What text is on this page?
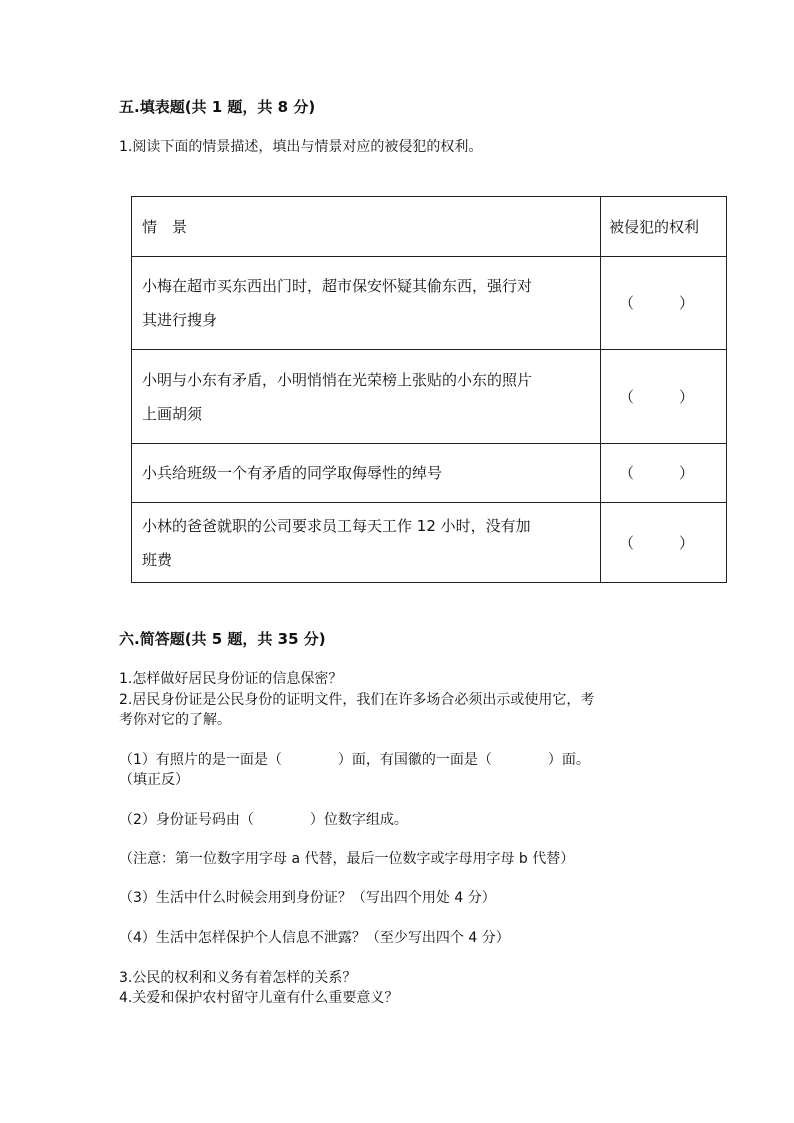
五.填表题(共 1 题，共 8 分)
1.阅读下面的情景描述，填出与情景对应的被侵犯的权利。
情　景	被侵犯的权利

小梅在超市买东西出门时，超市保安怀疑其偷东西，强行对
其进行搜身	（　　　）

小明与小东有矛盾，小明悄悄在光荣榜上张贴的小东的照片
上画胡须	（　　　）

小兵给班级一个有矛盾的同学取侮辱性的绰号	（　　　）

小林的爸爸就职的公司要求员工每天工作 12 小时，没有加
班费	（　　　）
六.简答题(共 5 题，共 35 分)
1.怎样做好居民身份证的信息保密？
2.居民身份证是公民身份的证明文件，我们在许多场合必须出示或使用它，考
考你对它的了解。
（1）有照片的是一面是（　　　　）面，有国徽的一面是（　　　　）面。
（填正反）
（2）身份证号码由（　　　　）位数字组成。
（注意：第一位数字用字母 a 代替，最后一位数字或字母用字母 b 代替）
（3）生活中什么时候会用到身份证？（写出四个用处 4 分）
（4）生活中怎样保护个人信息不泄露？（至少写出四个 4 分）
3.公民的权利和义务有着怎样的关系？
4.关爱和保护农村留守儿童有什么重要意义？
